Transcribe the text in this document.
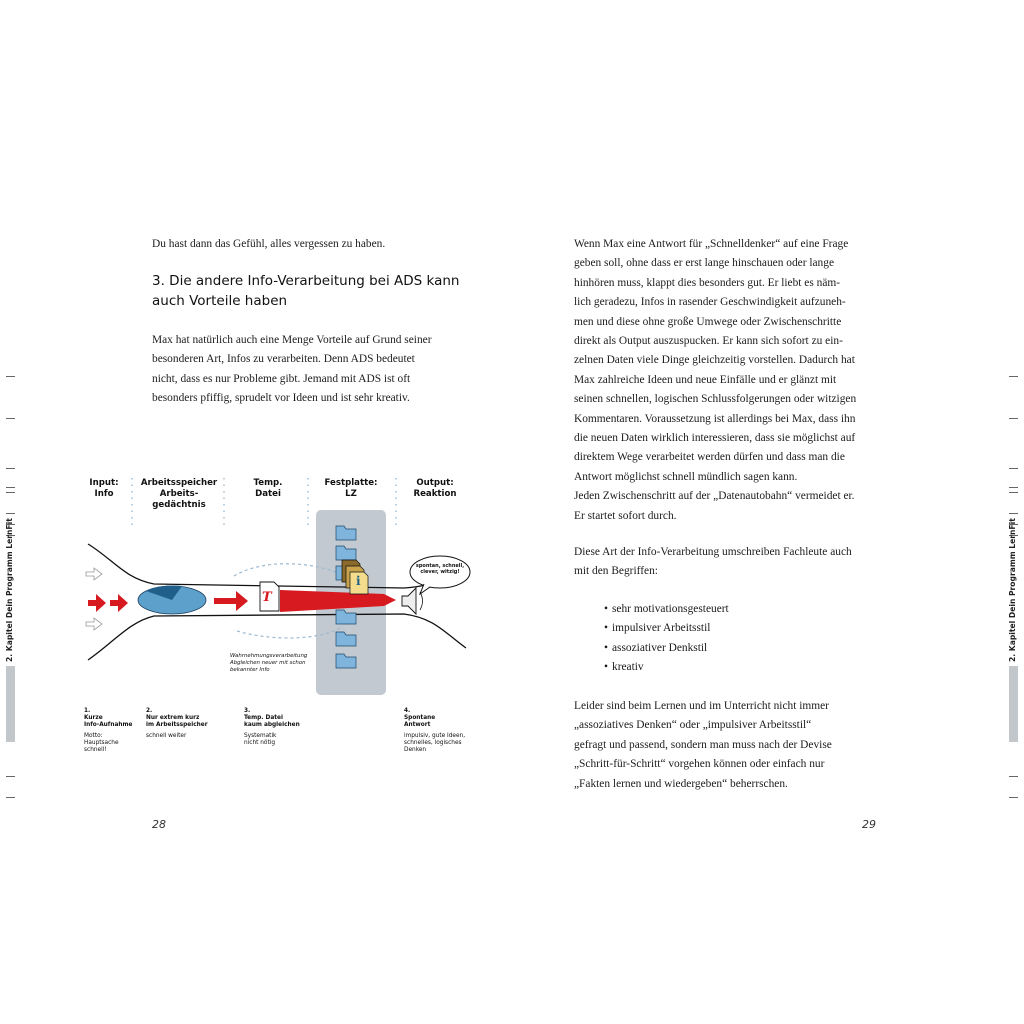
Du hast dann das Gefühl, alles vergessen zu haben.

3. Die andere Info-Verarbeitung bei ADS kann
auch Vorteile haben

Max hat natürlich auch eine Menge Vorteile auf Grund seiner
besonderen Art, Infos zu verarbeiten. Denn ADS bedeutet
nicht, dass es nur Probleme gibt. Jemand mit ADS ist oft
besonders pfiffig, sprudelt vor Ideen und ist sehr kreativ.

2. Kapitel Dein Programm LernFit
Input:
Info
Arbeitsspeicher
Arbeits-
gedächtnis
Temp.
Datei
Festplatte:
LZ
Output:
Reaktion
T
i
spontan, schnell,
clever, witzig!
Wahrnehmungsverarbeitung
Abgleichen neuer mit schon
bekannter Info
1.
Kurze
Info-Aufnahme
Motto:
Hauptsache
schnell!
2.
Nur extrem kurz
im Arbeitsspeicher
schnell weiter
3.
Temp. Datei
kaum abgleichen
Systematik
nicht nötig
4.
Spontane
Antwort
impulsiv, gute Ideen,
schnelles, logisches
Denken
28
2. Kapitel Dein Programm LernFit

Wenn Max eine Antwort für „Schnelldenker“ auf eine Frage
geben soll, ohne dass er erst lange hinschauen oder lange
hinhören muss, klappt dies besonders gut. Er liebt es näm-
lich geradezu, Infos in rasender Geschwindigkeit aufzuneh-
men und diese ohne große Umwege oder Zwischenschritte
direkt als Output auszuspucken. Er kann sich sofort zu ein-
zelnen Daten viele Dinge gleichzeitig vorstellen. Dadurch hat
Max zahlreiche Ideen und neue Einfälle und er glänzt mit
seinen schnellen, logischen Schlussfolgerungen oder witzigen
Kommentaren. Voraussetzung ist allerdings bei Max, dass ihn
die neuen Daten wirklich interessieren, dass sie möglichst auf
direktem Wege verarbeitet werden dürfen und dass man die
Antwort möglichst schnell mündlich sagen kann.
Jeden Zwischenschritt auf der „Datenautobahn“ vermeidet er.
Er startet sofort durch.

Diese Art der Info-Verarbeitung umschreiben Fachleute auch
mit den Begriffen:

• sehr motivationsgesteuert
• impulsiver Arbeitsstil
• assoziativer Denkstil
• kreativ

Leider sind beim Lernen und im Unterricht nicht immer
„assoziatives Denken“ oder „impulsiver Arbeitsstil“
gefragt und passend, sondern man muss nach der Devise
„Schritt-für-Schritt“ vorgehen können oder einfach nur
„Fakten lernen und wiedergeben“ beherrschen.

29
